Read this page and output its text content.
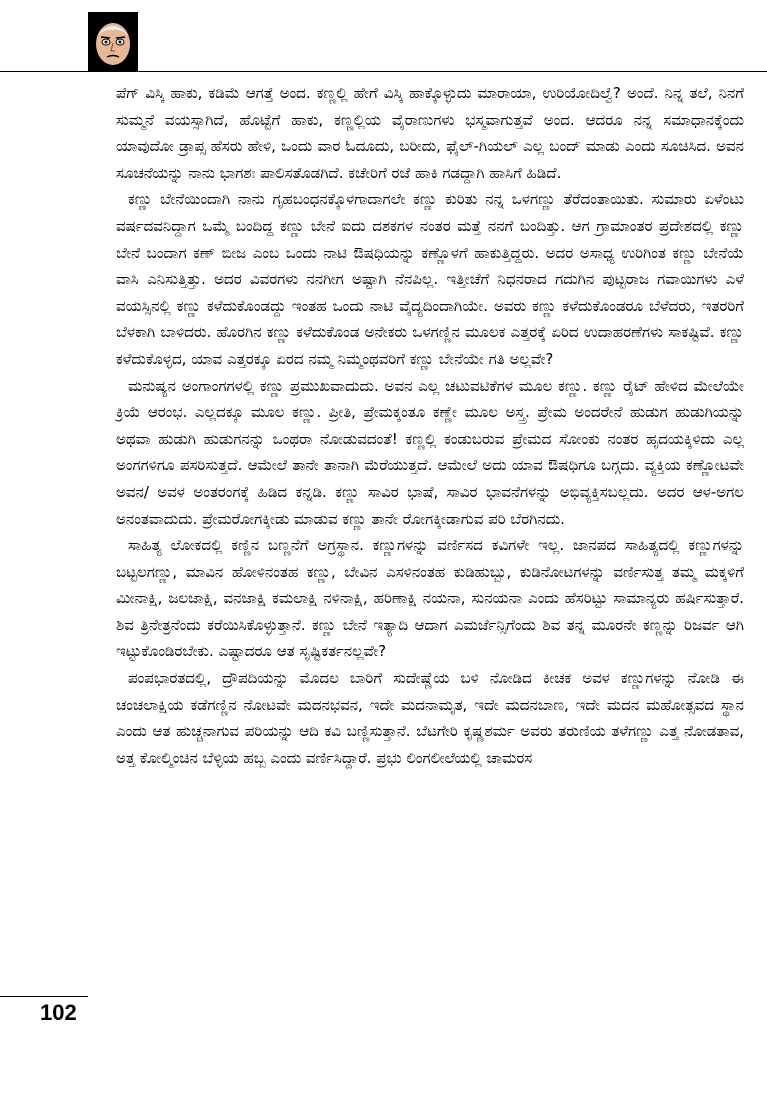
ಪೆಗ್ ವಿಸ್ಕಿ ಹಾಕು, ಕಡಿಮೆ ಆಗತ್ತೆ ಅಂದ. ಕಣ್ಣಲ್ಲಿ ಹೇಗೆ ವಿಸ್ಕಿ ಹಾಕ್ಕೊಳ್ಳುದು ಮಾರಾಯಾ, ಉರಿಯೋದಿಲ್ವೆ? ಅಂದೆ. ನಿನ್ನ ತಲೆ, ನಿನಗೆ ಸುಮ್ಮನೆ ವಯಸ್ಸಾಗಿದೆ, ಹೊಟ್ಟೆಗೆ ಹಾಕು, ಕಣ್ಣಲ್ಲಿಯ ವೈರಾಣುಗಳು ಭಸ್ಮವಾಗುತ್ತವೆ ಅಂದ. ಆದರೂ ನನ್ನ ಸಮಾಧಾನಕ್ಕೆಂದು ಯಾವುದೋ ಡ್ರಾಪ್ಸ ಹೆಸರು ಹೇಳಿ, ಒಂದು ವಾರ ಓದೂದು, ಬರೀದು, ಫೈಲ್-ಗಿಯಲ್ ಎಲ್ಲ ಬಂದ್ ಮಾಡು ಎಂದು ಸೂಚಿಸಿದ. ಅವನ ಸೂಚನೆಯನ್ನು ನಾನು ಭಾಗಶಃ ಪಾಲಿಸತೊಡಗಿದೆ. ಕಚೇರಿಗೆ ರಜೆ ಹಾಕಿ ಗಡದ್ದಾಗಿ ಹಾಸಿಗೆ ಹಿಡಿದೆ.

ಕಣ್ಣು ಬೇನೆಯಿಂದಾಗಿ ನಾನು ಗೃಹಬಂಧನಕ್ಕೊಳಗಾದಾಗಲೇ ಕಣ್ಣು ಕುರಿತು ನನ್ನ ಒಳಗಣ್ಣು ತೆರೆದಂತಾಯಿತು. ಸುಮಾರು ಏಳೆಂಟು ವರ್ಷದವನಿದ್ದಾಗ ಒಮ್ಮೆ ಬಂದಿದ್ದ ಕಣ್ಣು ಬೇನೆ ಐದು ದಶಕಗಳ ನಂತರ ಮತ್ತೆ ನನಗೆ ಬಂದಿತ್ತು. ಆಗ ಗ್ರಾಮಾಂತರ ಪ್ರದೇಶದಲ್ಲಿ ಕಣ್ಣು ಬೇನೆ ಬಂದಾಗ ಕಣ್ ಬೀಜ ಎಂಬ ಒಂದು ನಾಟಿ ಔಷಧಿಯನ್ನು ಕಣ್ಣೊಳಗೆ ಹಾಕುತ್ತಿದ್ದರು. ಅದರ ಅಸಾಧ್ಯ ಉರಿಗಿಂತ ಕಣ್ಣು ಬೇನೆಯೆ ವಾಸಿ ಎನಿಸುತ್ತಿತ್ತು. ಅದರ ವಿವರಗಳು ನನಗೀಗ ಅಷ್ಟಾಗಿ ನೆನಪಿಲ್ಲ. ಇತ್ತೀಚೆಗೆ ನಿಧನರಾದ ಗದುಗಿನ ಪುಟ್ಟರಾಜ ಗವಾಯಿಗಳು ಎಳೆ ವಯಸ್ಸಿನಲ್ಲಿ ಕಣ್ಣು ಕಳೆದುಕೊಂಡದ್ದು ಇಂತಹ ಒಂದು ನಾಟಿ ವೈದ್ಯದಿಂದಾಗಿಯೇ. ಅವರು ಕಣ್ಣು ಕಳೆದುಕೊಂಡರೂ ಬೆಳೆದರು, ಇತರರಿಗೆ ಬೆಳಕಾಗಿ ಬಾಳಿದರು. ಹೊರಗಿನ ಕಣ್ಣು ಕಳೆದುಕೊಂಡ ಅನೇಕರು ಒಳಗಣ್ಣಿನ ಮೂಲಕ ಎತ್ತರಕ್ಕೆ ಏರಿದ ಉದಾಹರಣೆಗಳು ಸಾಕಷ್ಟಿವೆ. ಕಣ್ಣು ಕಳೆದುಕೊಳ್ಳದ, ಯಾವ ಎತ್ತರಕ್ಕೂ ಏರದ ನಮ್ಮ ನಿಮ್ಮಂಥವರಿಗೆ ಕಣ್ಣು ಬೇನೆಯೇ ಗತಿ ಅಲ್ಲವೇ?

ಮನುಷ್ಯನ ಅಂಗಾಂಗಗಳಲ್ಲಿ ಕಣ್ಣು ಪ್ರಮುಖವಾದುದು. ಅವನ ಎಲ್ಲ ಚಟುವಟಿಕೆಗಳ ಮೂಲ ಕಣ್ಣು. ಕಣ್ಣು ರೈಟ್ ಹೇಳಿದ ಮೇಲೆಯೇ ಕ್ರಿಯೆ ಆರಂಭ. ಎಲ್ಲದಕ್ಕೂ ಮೂಲ ಕಣ್ಣು. ಪ್ರೀತಿ, ಪ್ರೇಮಕ್ಕಂತೂ ಕಣ್ಣೇ ಮೂಲ ಅಸ್ತ್ರ. ಪ್ರೇಮ ಅಂದರೇನೆ ಹುಡುಗ ಹುಡುಗಿಯನ್ನು ಅಥವಾ ಹುಡುಗಿ ಹುಡುಗನನ್ನು ಒಂಥರಾ ನೋಡುವದಂತೆ! ಕಣ್ಣಲ್ಲಿ ಕಂಡುಬರುವ ಪ್ರೇಮದ ಸೋಂಕು ನಂತರ ಹೃದಯಕ್ಕಿಳಿದು ಎಲ್ಲ ಅಂಗಗಳಿಗೂ ಪಸರಿಸುತ್ತದೆ. ಆಮೇಲೆ ತಾನೇ ತಾನಾಗಿ ಮೆರೆಯುತ್ತದೆ. ಆಮೇಲೆ ಅದು ಯಾವ ಔಷಧಿಗೂ ಬಗ್ಗದು. ವ್ಯಕ್ತಿಯ ಕಣ್ಣೋಟವೇ ಅವನ/ ಅವಳ ಅಂತರಂಗಕ್ಕೆ ಹಿಡಿದ ಕನ್ನಡಿ. ಕಣ್ಣು ಸಾವಿರ ಭಾಷೆ, ಸಾವಿರ ಭಾವನೆಗಳನ್ನು ಅಭಿವ್ಯಕ್ತಿಸಬಲ್ಲದು. ಅದರ ಆಳ-ಅಗಲ ಅನಂತವಾದುದು. ಪ್ರೇಮರೋಗಕ್ಕೀಡು ಮಾಡುವ ಕಣ್ಣು ತಾನೇ ರೋಗಕ್ಕೀಡಾಗುವ ಪರಿ ಬೆರಗಿನದು.

ಸಾಹಿತ್ಯ ಲೋಕದಲ್ಲಿ ಕಣ್ಣಿನ ಬಣ್ಣನೆಗೆ ಅಗ್ರಸ್ಥಾನ. ಕಣ್ಣುಗಳನ್ನು ವರ್ಣಿಸದ ಕವಿಗಳೇ ಇಲ್ಲ. ಜಾನಪದ ಸಾಹಿತ್ಯದಲ್ಲಿ ಕಣ್ಣುಗಳನ್ನು ಬಟ್ಟಲಗಣ್ಣು, ಮಾವಿನ ಹೋಳಿನಂತಹ ಕಣ್ಣು, ಬೇವಿನ ಎಸಳಿನಂತಹ ಕುಡಿಹುಬ್ಬು, ಕುಡಿನೋಟಗಳನ್ನು ವರ್ಣಿಸುತ್ತ ತಮ್ಮ ಮಕ್ಕಳಿಗೆ ಮೀನಾಕ್ಷಿ, ಜಲಜಾಕ್ಷಿ, ವನಜಾಕ್ಷಿ ಕಮಲಾಕ್ಷಿ ನಳಿನಾಕ್ಷಿ, ಹರಿಣಾಕ್ಷಿ ನಯನಾ, ಸುನಯನಾ ಎಂದು ಹೆಸರಿಟ್ಟು ಸಾಮಾನ್ಯರು ಹರ್ಷಿಸುತ್ತಾರೆ. ಶಿವ ತ್ರಿನೇತ್ರನೆಂದು ಕರೆಯಿಸಿಕೊಳ್ಳುತ್ತಾನೆ. ಕಣ್ಣು ಬೇನೆ ಇತ್ಯಾದಿ ಆದಾಗ ಎಮರ್ಜೆನ್ಸಿಗೆಂದು ಶಿವ ತನ್ನ ಮೂರನೇ ಕಣ್ಣನ್ನು ರಿಜರ್ವ ಆಗಿ ಇಟ್ಟುಕೊಂಡಿರಬೇಕು. ಎಷ್ಟಾದರೂ ಆತ ಸೃಷ್ಟಿಕರ್ತನಲ್ಲವೇ?

ಪಂಪಭಾರತದಲ್ಲಿ, ದ್ರೌಪದಿಯನ್ನು ಮೊದಲ ಬಾರಿಗೆ ಸುದೇಷ್ಣೆಯ ಬಳಿ ನೋಡಿದ ಕೀಚಕ ಅವಳ ಕಣ್ಣುಗಳನ್ನು ನೋಡಿ ಈ ಚಂಚಲಾಕ್ಷಿಯ ಕಡೆಗಣ್ಣಿನ ನೋಟವೇ ಮದನಭವನ, ಇದೇ ಮದನಾಮೃತ, ಇದೇ ಮದನಬಾಣ, ಇದೇ ಮದನ ಮಹೋತ್ಸವದ ಸ್ಥಾನ ಎಂದು ಆತ ಹುಚ್ಚನಾಗುವ ಪರಿಯನ್ನು ಆದಿ ಕವಿ ಬಣ್ಣಿಸುತ್ತಾನೆ. ಬೆಟಗೇರಿ ಕೃಷ್ಣಶರ್ಮ ಅವರು ತರುಣಿಯ ತಳೆಗಣ್ಣು ಎತ್ತ ನೋಡತಾವ, ಅತ್ತ ಕೋಲ್ಮಿಂಚಿನ ಬೆಳ್ಳಿಯ ಹಬ್ಬ ಎಂದು ವರ್ಣಿಸಿದ್ದಾರೆ. ಪ್ರಭು ಲಿಂಗಲೀಲೆಯಲ್ಲಿ ಚಾಮರಸ

102
